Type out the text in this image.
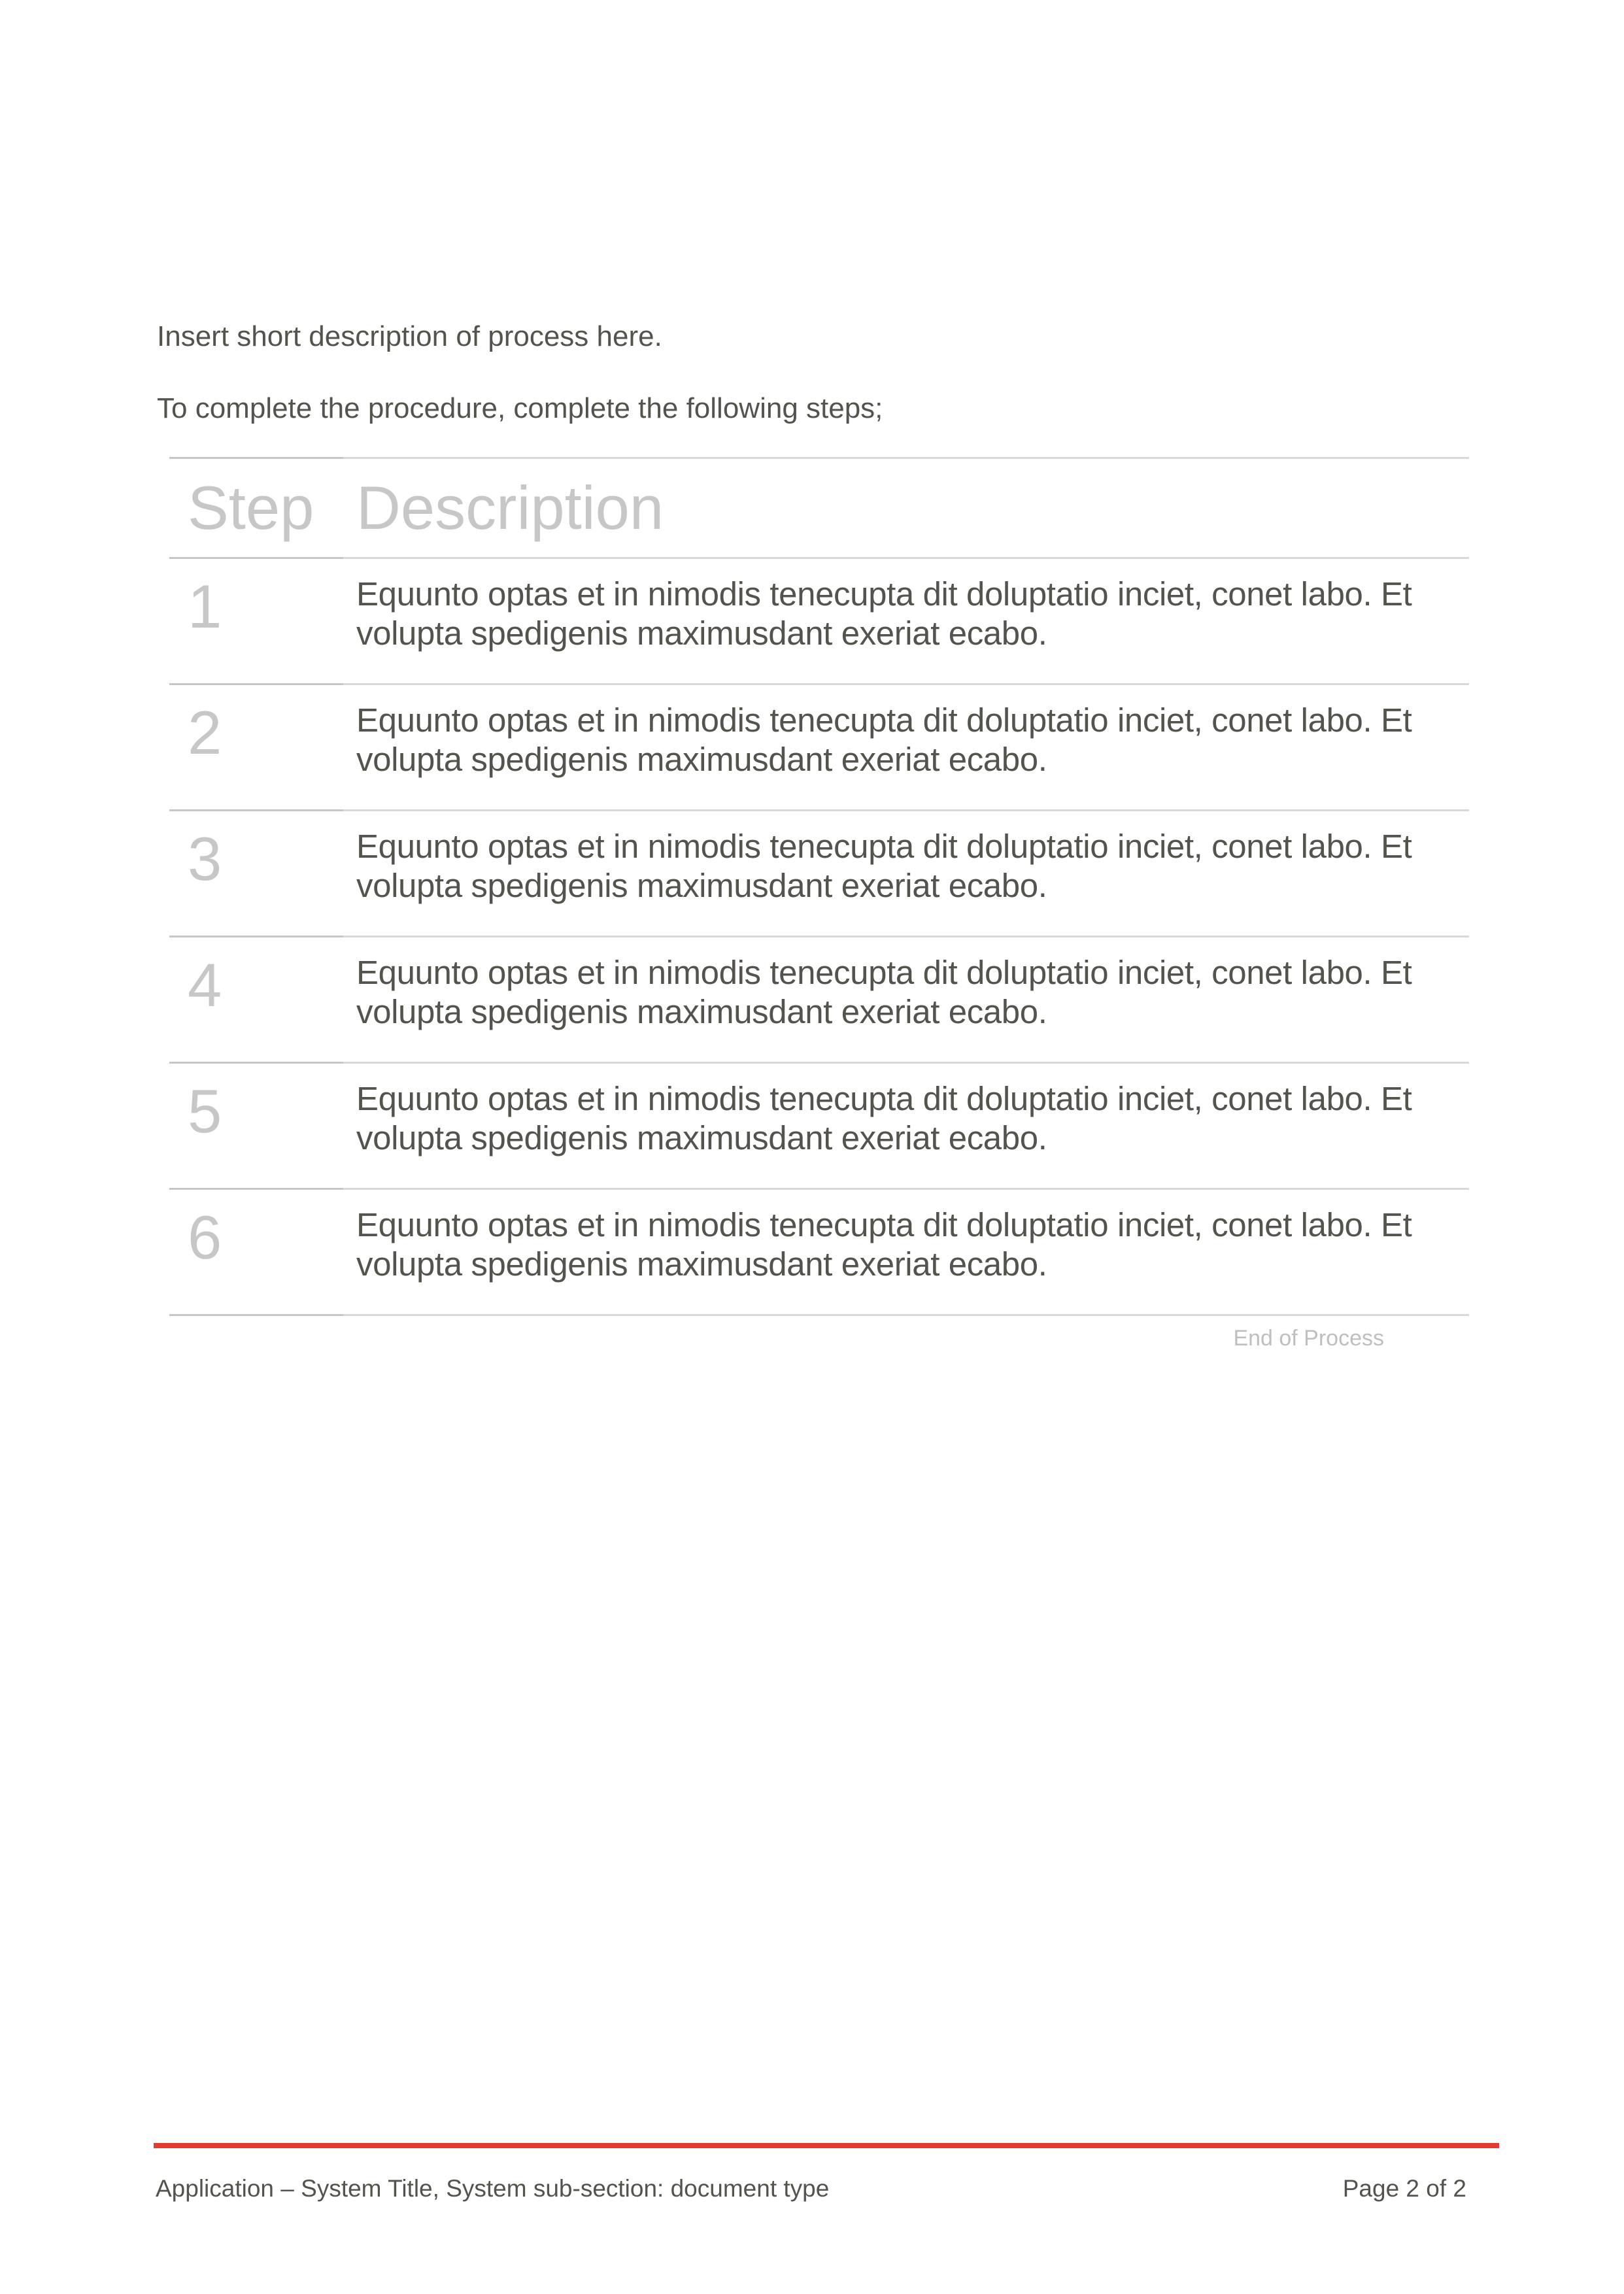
Insert short description of process here.

To complete the procedure, complete the following steps;

Step Description
1	Equunto optas et in nimodis tenecupta dit doluptatio inciet, conet labo. Et volupta spedigenis maximusdant exeriat ecabo.
2	Equunto optas et in nimodis tenecupta dit doluptatio inciet, conet labo. Et volupta spedigenis maximusdant exeriat ecabo.
3	Equunto optas et in nimodis tenecupta dit doluptatio inciet, conet labo. Et volupta spedigenis maximusdant exeriat ecabo.
4	Equunto optas et in nimodis tenecupta dit doluptatio inciet, conet labo. Et volupta spedigenis maximusdant exeriat ecabo.
5	Equunto optas et in nimodis tenecupta dit doluptatio inciet, conet labo. Et volupta spedigenis maximusdant exeriat ecabo.
6	Equunto optas et in nimodis tenecupta dit doluptatio inciet, conet labo. Et volupta spedigenis maximusdant exeriat ecabo.
End of Process
Application – System Title, System sub-section: document type	Page 2 of 2
